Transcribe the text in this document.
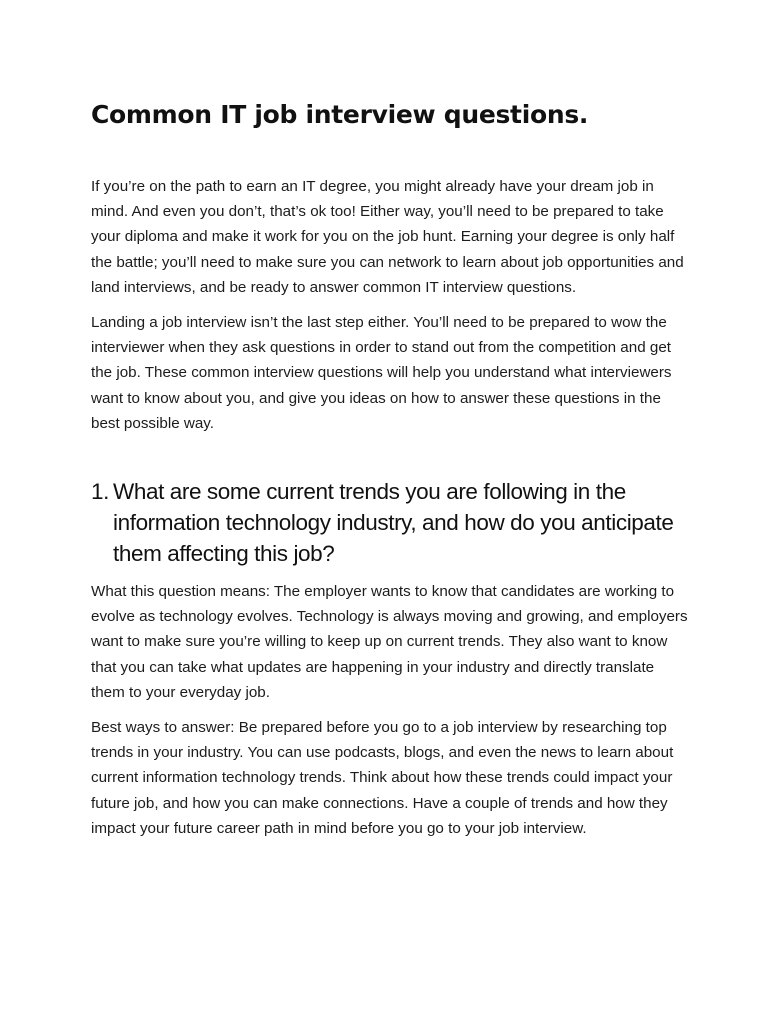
Common IT job interview questions.

If you’re on the path to earn an IT degree, you might already have your dream job in mind. And even you don’t, that’s ok too! Either way, you’ll need to be prepared to take your diploma and make it work for you on the job hunt. Earning your degree is only half the battle; you’ll need to make sure you can network to learn about job opportunities and land interviews, and be ready to answer common IT interview questions.

Landing a job interview isn’t the last step either. You’ll need to be prepared to wow the interviewer when they ask questions in order to stand out from the competition and get the job. These common interview questions will help you understand what interviewers want to know about you, and give you ideas on how to answer these questions in the best possible way.

1. What are some current trends you are following in the information technology industry, and how do you anticipate them affecting this job?

What this question means: The employer wants to know that candidates are working to evolve as technology evolves. Technology is always moving and growing, and employers want to make sure you’re willing to keep up on current trends. They also want to know that you can take what updates are happening in your industry and directly translate them to your everyday job.

Best ways to answer: Be prepared before you go to a job interview by researching top trends in your industry. You can use podcasts, blogs, and even the news to learn about current information technology trends. Think about how these trends could impact your future job, and how you can make connections. Have a couple of trends and how they impact your future career path in mind before you go to your job interview.
